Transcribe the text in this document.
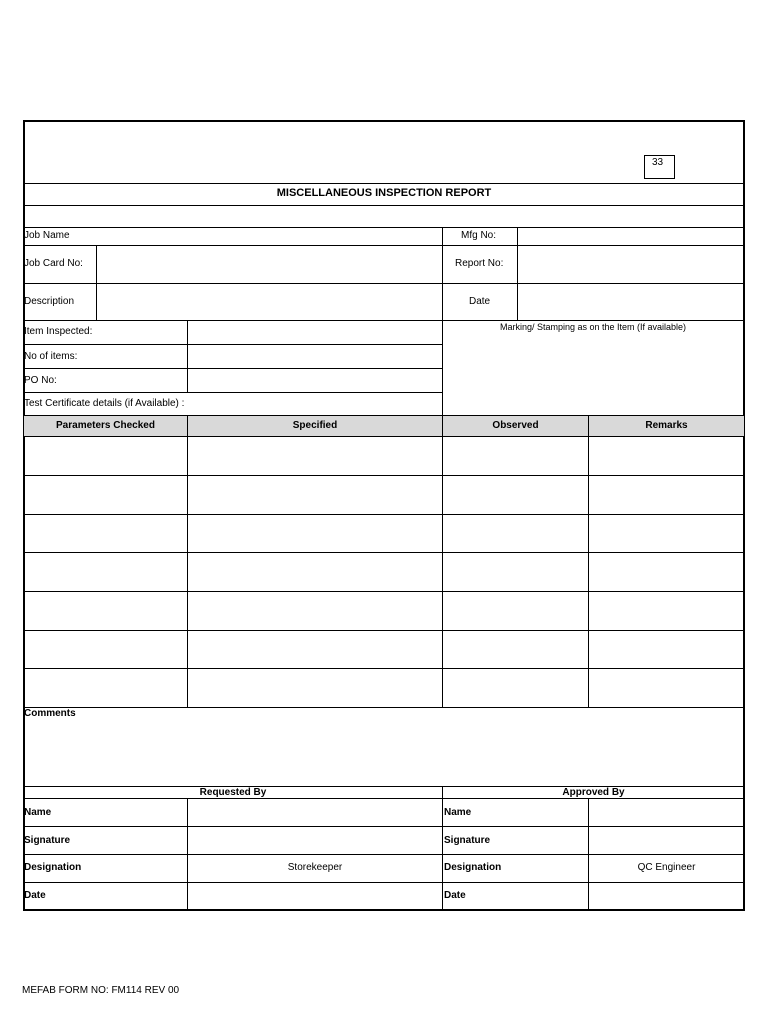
33
MISCELLANEOUS INSPECTION REPORT
Job Name	Mfg No:
Job Card No:	Report No:
Description	Date
Item Inspected:
No of items:
PO No:
Test Certificate details (if Available) :
Marking/ Stamping as on the Item (If available)
Parameters Checked	Specified	Observed	Remarks
Comments
Requested By
Name
Signature
Designation	Storekeeper
Date
Approved By
Name
Signature
Designation	QC Engineer
Date
MEFAB FORM NO: FM114 REV 00
